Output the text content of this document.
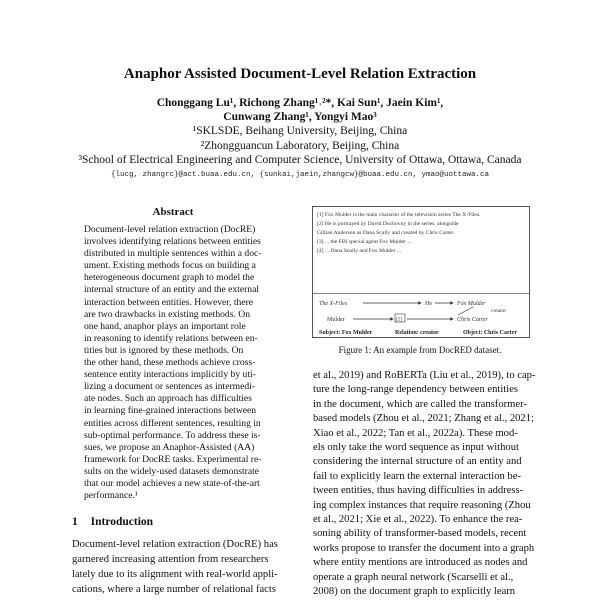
Anaphor Assisted Document-Level Relation Extraction
Chonggang Lu¹, Richong Zhang¹˒²*, Kai Sun¹, Jaein Kim¹,
Cunwang Zhang¹, Yongyi Mao³
¹SKLSDE, Beihang University, Beijing, China
²Zhongguancun Laboratory, Beijing, China
³School of Electrical Engineering and Computer Science, University of Ottawa, Ottawa, Canada
{lucg, zhangrc}@act.buaa.edu.cn, {sunkai,jaein,zhangcw}@buaa.edu.cn, ymao@uottawa.ca
Abstract
Document-level relation extraction (DocRE)
involves identifying relations between entities
distributed in multiple sentences within a doc-
ument. Existing methods focus on building a
heterogeneous document graph to model the
internal structure of an entity and the external
interaction between entities. However, there
are two drawbacks in existing methods. On
one hand, anaphor plays an important role
in reasoning to identify relations between en-
tities but is ignored by these methods. On
the other hand, these methods achieve cross-
sentence entity interactions implicitly by uti-
lizing a document or sentences as intermedi-
ate nodes. Such an approach has difficulties
in learning fine-grained interactions between
entities across different sentences, resulting in
sub-optimal performance. To address these is-
sues, we propose an Anaphor-Assisted (AA)
framework for DocRE tasks. Experimental re-
sults on the widely-used datasets demonstrate
that our model achieves a new state-of-the-art
performance.¹
1 Introduction
Document-level relation extraction (DocRE) has
garnered increasing attention from researchers
lately due to its alignment with real-world appli-
cations, where a large number of relational facts
[1] Fox Mulder is the main character of the television series The X-Files.
[2] He is portrayed by David Duchovny in the series, alongside
Gillian Anderson as Dana Scully and created by Chris Carter.
[3] ... the FBI special agent Fox Mulder ...
[4] ... Dana Scully and Fox Mulder ...
The X-Files	He	Fox Mulder
creator
Mulder	[2]	Chris Carter
Subject: Fox Mulder	Relation: creator	Object: Chris Carter
Figure 1: An example from DocRED dataset.
et al., 2019) and RoBERTa (Liu et al., 2019), to cap-
ture the long-range dependency between entities
in the document, which are called the transformer-
based models (Zhou et al., 2021; Zhang et al., 2021;
Xiao et al., 2022; Tan et al., 2022a). These mod-
els only take the word sequence as input without
considering the internal structure of an entity and
fail to explicitly learn the external interaction be-
tween entities, thus having difficulties in address-
ing complex instances that require reasoning (Zhou
et al., 2021; Xie et al., 2022). To enhance the rea-
soning ability of transformer-based models, recent
works propose to transfer the document into a graph
where entity mentions are introduced as nodes and
operate a graph neural network (Scarselli et al.,
2008) on the document graph to explicitly learn
